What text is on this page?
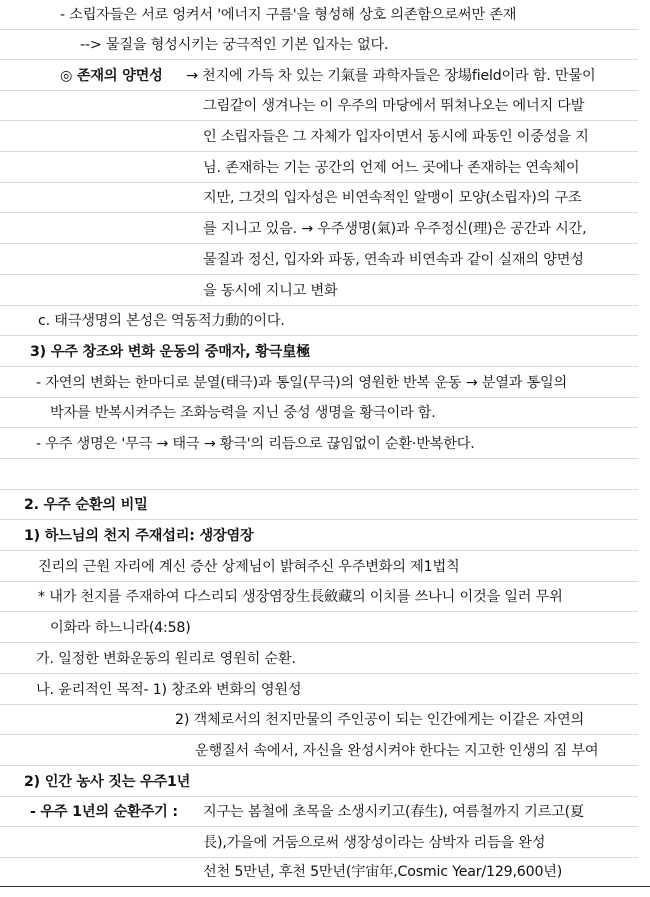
- 소립자들은 서로 엉켜서 '에너지 구름'을 형성해 상호 의존함으로써만 존재
--> 물질을 형성시키는 궁극적인 기본 입자는 없다.
◎ 존재의 양면성 → 천지에 가득 차 있는 기氣를 과학자들은 장場field이라 함. 만물이
그림같이 생겨나는 이 우주의 마당에서 뛰쳐나오는 에너지 다발
인 소립자들은 그 자체가 입자이면서 동시에 파동인 이중성을 지
님. 존재하는 기는 공간의 언제 어느 곳에나 존재하는 연속체이
지만, 그것의 입자성은 비연속적인 알맹이 모양(소립자)의 구조
를 지니고 있음. → 우주생명(氣)과 우주정신(理)은 공간과 시간,
물질과 정신, 입자와 파동, 연속과 비연속과 같이 실재의 양면성
을 동시에 지니고 변화
c. 태극생명의 본성은 역동적力動的이다.
3) 우주 창조와 변화 운동의 중매자, 황극皇極
- 자연의 변화는 한마디로 분열(태극)과 통일(무극)의 영원한 반복 운동 → 분열과 통일의
박자를 반복시켜주는 조화능력을 지닌 중성 생명을 황극이라 함.
- 우주 생명은 '무극 → 태극 → 황극'의 리듬으로 끊임없이 순환·반복한다.
2. 우주 순환의 비밀
1) 하느님의 천지 주재섭리: 생장염장
진리의 근원 자리에 계신 증산 상제님이 밝혀주신 우주변화의 제1법칙
* 내가 천지를 주재하여 다스리되 생장염장生長斂藏의 이치를 쓰나니 이것을 일러 무위
이화라 하느니라(4:58)
가. 일정한 변화운동의 원리로 영원히 순환.
나. 윤리적인 목적- 1) 창조와 변화의 영원성
2) 객체로서의 천지만물의 주인공이 되는 인간에게는 이같은 자연의
운행질서 속에서, 자신을 완성시켜야 한다는 지고한 인생의 짐 부여
2) 인간 농사 짓는 우주1년
- 우주 1년의 순환주기 : 지구는 봄철에 초목을 소생시키고(春生), 여름철까지 기르고(夏
長),가을에 거둠으로써 생장성이라는 삼박자 리듬을 완성
선천 5만년, 후천 5만년(宇宙年,Cosmic Year/129,600년)
